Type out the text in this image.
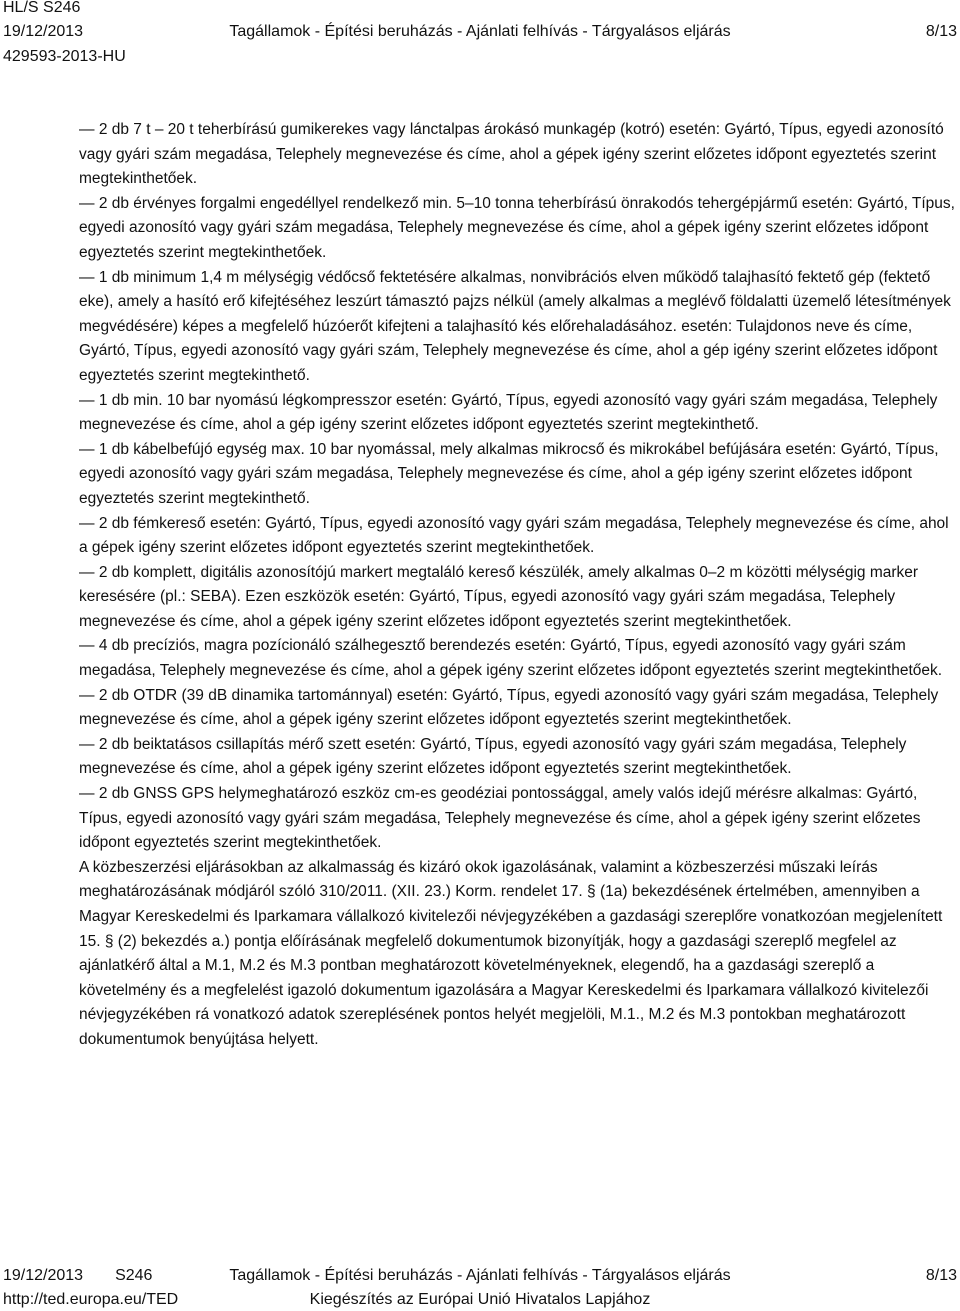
HL/S S246
19/12/2013	Tagállamok - Építési beruházás - Ajánlati felhívás - Tárgyalásos eljárás	8/13
429593-2013-HU

— 2 db 7 t – 20 t teherbírású gumikerekes vagy lánctalpas árokásó munkagép (kotró) esetén: Gyártó, Típus, egyedi azonosító vagy gyári szám megadása, Telephely megnevezése és címe, ahol a gépek igény szerint előzetes időpont egyeztetés szerint megtekinthetőek.

— 2 db érvényes forgalmi engedéllyel rendelkező min. 5–10 tonna teherbírású önrakodós tehergépjármű esetén: Gyártó, Típus, egyedi azonosító vagy gyári szám megadása, Telephely megnevezése és címe, ahol a gépek igény szerint előzetes időpont egyeztetés szerint megtekinthetőek.

— 1 db minimum 1,4 m mélységig védőcső fektetésére alkalmas, nonvibrációs elven működő talajhasító fektető gép (fektető eke), amely a hasító erő kifejtéséhez leszúrt támasztó pajzs nélkül (amely alkalmas a meglévő földalatti üzemelő létesítmények megvédésére) képes a megfelelő húzóerőt kifejteni a talajhasító kés előrehaladásához. esetén: Tulajdonos neve és címe, Gyártó, Típus, egyedi azonosító vagy gyári szám, Telephely megnevezése és címe, ahol a gép igény szerint előzetes időpont egyeztetés szerint megtekinthető.

— 1 db min. 10 bar nyomású légkompresszor esetén: Gyártó, Típus, egyedi azonosító vagy gyári szám megadása, Telephely megnevezése és címe, ahol a gép igény szerint előzetes időpont egyeztetés szerint megtekinthető.

— 1 db kábelbefújó egység max. 10 bar nyomással, mely alkalmas mikrocső és mikrokábel befújására esetén: Gyártó, Típus, egyedi azonosító vagy gyári szám megadása, Telephely megnevezése és címe, ahol a gép igény szerint előzetes időpont egyeztetés szerint megtekinthető.

— 2 db fémkereső esetén: Gyártó, Típus, egyedi azonosító vagy gyári szám megadása, Telephely megnevezése és címe, ahol a gépek igény szerint előzetes időpont egyeztetés szerint megtekinthetőek.

— 2 db komplett, digitális azonosítójú markert megtaláló kereső készülék, amely alkalmas 0–2 m közötti mélységig marker keresésére (pl.: SEBA). Ezen eszközök esetén: Gyártó, Típus, egyedi azonosító vagy gyári szám megadása, Telephely megnevezése és címe, ahol a gépek igény szerint előzetes időpont egyeztetés szerint megtekinthetőek.

— 4 db precíziós, magra pozícionáló szálhegesztő berendezés esetén: Gyártó, Típus, egyedi azonosító vagy gyári szám megadása, Telephely megnevezése és címe, ahol a gépek igény szerint előzetes időpont egyeztetés szerint megtekinthetőek.

— 2 db OTDR (39 dB dinamika tartománnyal) esetén: Gyártó, Típus, egyedi azonosító vagy gyári szám megadása, Telephely megnevezése és címe, ahol a gépek igény szerint előzetes időpont egyeztetés szerint megtekinthetőek.

— 2 db beiktatásos csillapítás mérő szett esetén: Gyártó, Típus, egyedi azonosító vagy gyári szám megadása, Telephely megnevezése és címe, ahol a gépek igény szerint előzetes időpont egyeztetés szerint megtekinthetőek.

— 2 db GNSS GPS helymeghatározó eszköz cm-es geodéziai pontossággal, amely valós idejű mérésre alkalmas: Gyártó, Típus, egyedi azonosító vagy gyári szám megadása, Telephely megnevezése és címe, ahol a gépek igény szerint előzetes időpont egyeztetés szerint megtekinthetőek.

A közbeszerzési eljárásokban az alkalmasság és kizáró okok igazolásának, valamint a közbeszerzési műszaki leírás meghatározásának módjáról szóló 310/2011. (XII. 23.) Korm. rendelet 17. § (1a) bekezdésének értelmében, amennyiben a Magyar Kereskedelmi és Iparkamara vállalkozó kivitelezői névjegyzékében a gazdasági szereplőre vonatkozóan megjelenített 15. § (2) bekezdés a.) pontja előírásának megfelelő dokumentumok bizonyítják, hogy a gazdasági szereplő megfelel az ajánlatkérő által a M.1, M.2 és M.3 pontban meghatározott követelményeknek, elegendő, ha a gazdasági szereplő a követelmény és a megfelelést igazoló dokumentum igazolására a Magyar Kereskedelmi és Iparkamara vállalkozó kivitelezői névjegyzékében rá vonatkozó adatok szereplésének pontos helyét megjelöli, M.1., M.2 és M.3 pontokban meghatározott dokumentumok benyújtása helyett.

19/12/2013 S246	Tagállamok - Építési beruházás - Ajánlati felhívás - Tárgyalásos eljárás	8/13
http://ted.europa.eu/TED	Kiegészítés az Európai Unió Hivatalos Lapjához
